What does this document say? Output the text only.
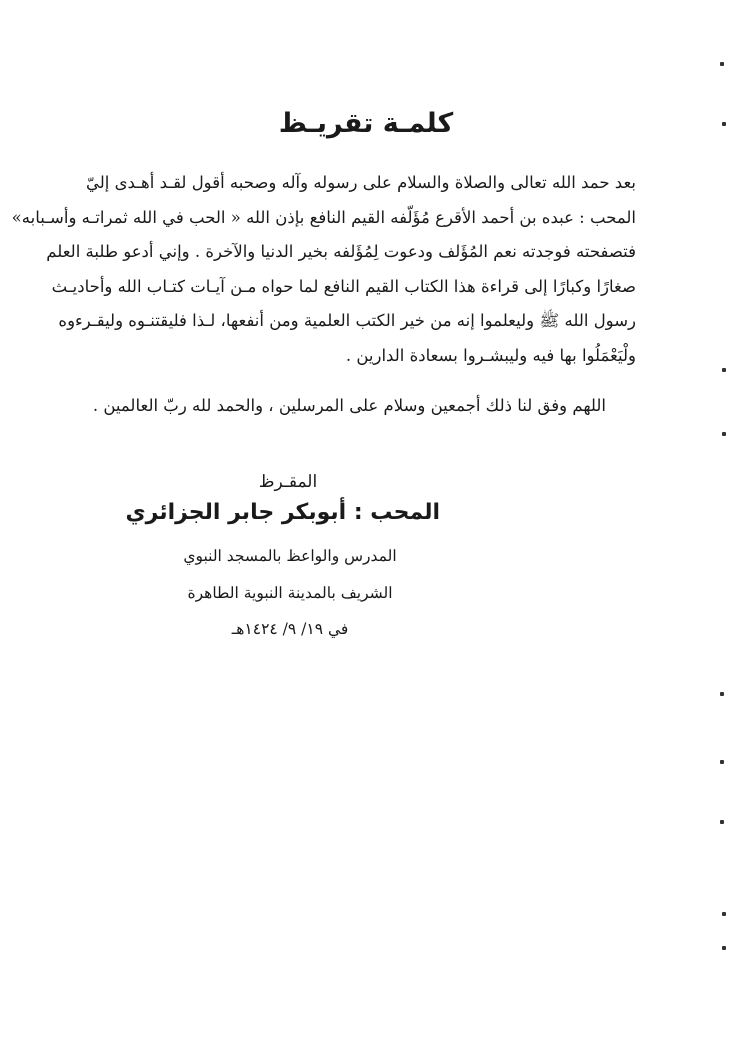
كلمـة تقريـظ
بعد حمد الله تعالى والصلاة والسلام على رسوله وآله وصحبه أقول لقـد أهـدى إليّ
المحب : عبده بن أحمد الأقرع مُؤَلّفه القيم النافع بإذن الله « الحب في الله ثمراتـه وأسـبابه»
فتصفحته فوجدته نعم المُؤَلف ودعوت لِمُؤَلفه بخير الدنيا والآخرة . وإني أدعو طلبة العلم
صغارًا وكبارًا إلى قراءة هذا الكتاب القيم النافع لما حواه مـن آيـات كتـاب الله وأحاديـث
رسول الله ﷺ وليعلموا إنه من خير الكتب العلمية ومن أنفعها، لـذا فليقتنـوه وليقـرءوه
ولْيَعْمَلُوا بها فيه وليبشـروا بسعادة الدارين .
اللهم وفق لنا ذلك أجمعين وسلام على المرسلين ، والحمد لله ربّ العالمين .
المقـرظ
المحب : أبوبكر جابر الجزائري
المدرس والواعظ بالمسجد النبوي
الشريف بالمدينة النبوية الطاهرة
في ١٩/ ٩/ ١٤٢٤هـ
